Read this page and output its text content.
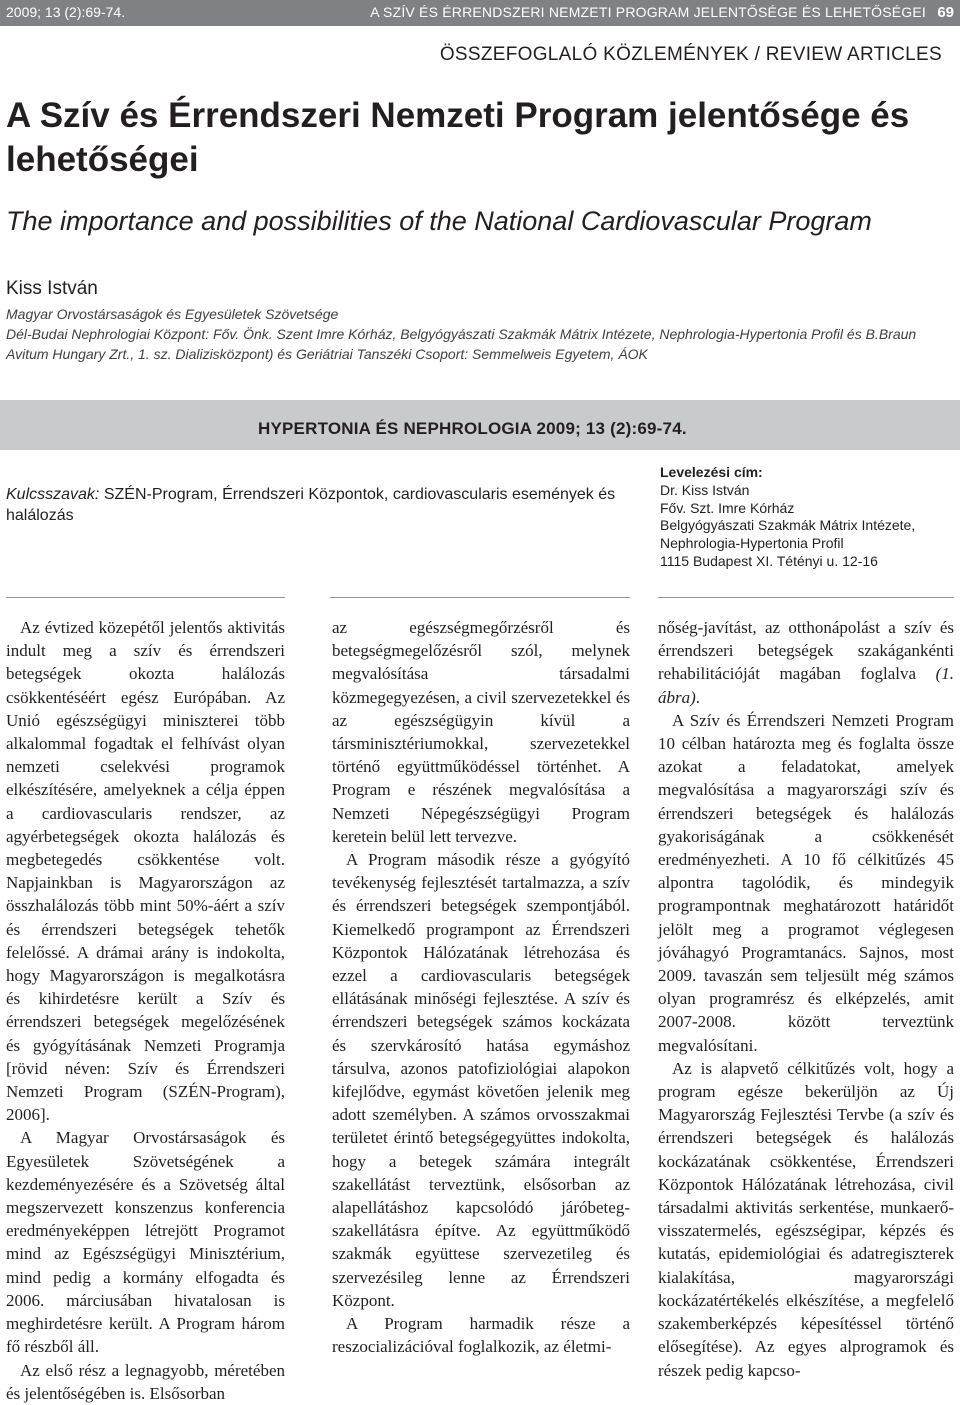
2009; 13 (2):69-74.	A SZÍV ÉS ÉRRENDSZERI NEMZETI PROGRAM JELENTŐSÉGE ÉS LEHETŐSÉGEI 69
ÖSSZEFOGLALÓ KÖZLEMÉNYEK / REVIEW ARTICLES
A Szív és Érrendszeri Nemzeti Program jelentősége és lehetőségei
The importance and possibilities of the National Cardiovascular Program
Kiss István
Magyar Orvostársaságok és Egyesületek Szövetsége
Dél-Budai Nephrologiai Központ: Főv. Önk. Szent Imre Kórház, Belgyógyászati Szakmák Mátrix Intézete, Nephrologia-Hypertonia Profil és B.Braun Avitum Hungary Zrt., 1. sz. Dializisközpont) és Geriátriai Tanszéki Csoport: Semmelweis Egyetem, ÁOK
HYPERTONIA ÉS NEPHROLOGIA 2009; 13 (2):69-74.
Kulcsszavak: SZÉN-Program, Érrendszeri Központok, cardiovascularis események és halálozás
Levelezési cím:
Dr. Kiss István
Főv. Szt. Imre Kórház
Belgyógyászati Szakmák Mátrix Intézete,
Nephrologia-Hypertonia Profil
1115 Budapest XI. Tétényi u. 12-16

Az évtized közepétől jelentős aktivitás indult meg a szív és érrendszeri betegségek okozta halálozás csökkentéséért egész Európában. Az Unió egészségügyi miniszterei több alkalommal fogadtak el felhívást olyan nemzeti cselekvési programok elkészítésére, amelyeknek a célja éppen a cardiovascularis rendszer, az agyérbetegségek okozta halálozás és megbetegedés csökkentése volt. Napjainkban is Magyarországon az összhalálozás több mint 50%-áért a szív és érrendszeri betegségek tehetők felelőssé. A drámai arány is indokolta, hogy Magyarországon is megalkotásra és kihirdetésre került a Szív és érrendszeri betegségek megelőzésének és gyógyításának Nemzeti Programja [rövid néven: Szív és Érrendszeri Nemzeti Program (SZÉN-Program), 2006].

A Magyar Orvostársaságok és Egyesületek Szövetségének a kezdeményezésére és a Szövetség által megszervezett konszenzus konferencia eredményeképpen létrejött Programot mind az Egészségügyi Minisztérium, mind pedig a kormány elfogadta és 2006. márciusában hivatalosan is meghirdetésre került. A Program három fő részből áll.

Az első rész a legnagyobb, méretében és jelentőségében is. Elsősorban

az egészségmegőrzésről és betegségmegelőzésről szól, melynek megvalósítása társadalmi közmegegyezésen, a civil szervezetekkel és az egészségügyin kívül a társminisztériumokkal, szervezetekkel történő együttműködéssel történhet. A Program e részének megvalósítása a Nemzeti Népegészségügyi Program keretein belül lett tervezve.

A Program második része a gyógyító tevékenység fejlesztését tartalmazza, a szív és érrendszeri betegségek szempontjából. Kiemelkedő programpont az Érrendszeri Központok Hálózatának létrehozása és ezzel a cardiovascularis betegségek ellátásának minőségi fejlesztése. A szív és érrendszeri betegségek számos kockázata és szervkárosító hatása egymáshoz társulva, azonos patofiziológiai alapokon kifejlődve, egymást követően jelenik meg adott személyben. A számos orvosszakmai területet érintő betegségegyüttes indokolta, hogy a betegek számára integrált szakellátást terveztünk, elsősorban az alapellátáshoz kapcsolódó járóbeteg-szakellátásra építve. Az együttműködő szakmák együttese szervezetileg és szervezésileg lenne az Érrendszeri Központ.

A Program harmadik része a reszocializációval foglalkozik, az életmi-

nőség-javítást, az otthonápolást a szív és érrendszeri betegségek szakágankénti rehabilitációját magában foglalva (1. ábra).

A Szív és Érrendszeri Nemzeti Program 10 célban határozta meg és foglalta össze azokat a feladatokat, amelyek megvalósítása a magyarországi szív és érrendszeri betegségek és halálozás gyakoriságának a csökkenését eredményezheti. A 10 fő célkitűzés 45 alpontra tagolódik, és mindegyik programpontnak meghatározott határidőt jelölt meg a programot véglegesen jóváhagyó Programtanács. Sajnos, most 2009. tavaszán sem teljesült még számos olyan programrész és elképzelés, amit 2007-2008. között terveztünk megvalósítani.

Az is alapvető célkitűzés volt, hogy a program egésze bekerüljön az Új Magyarország Fejlesztési Tervbe (a szív és érrendszeri betegségek és halálozás kockázatának csökkentése, Érrendszeri Központok Hálózatának létrehozása, civil társadalmi aktivitás serkentése, munkaerő-visszatermelés, egészségipar, képzés és kutatás, epidemiológiai és adatregiszterek kialakítása, magyarországi kockázatértékelés elkészítése, a megfelelő szakemberképzés képesítéssel történő elősegítése). Az egyes alprogramok és részek pedig kapcso-
